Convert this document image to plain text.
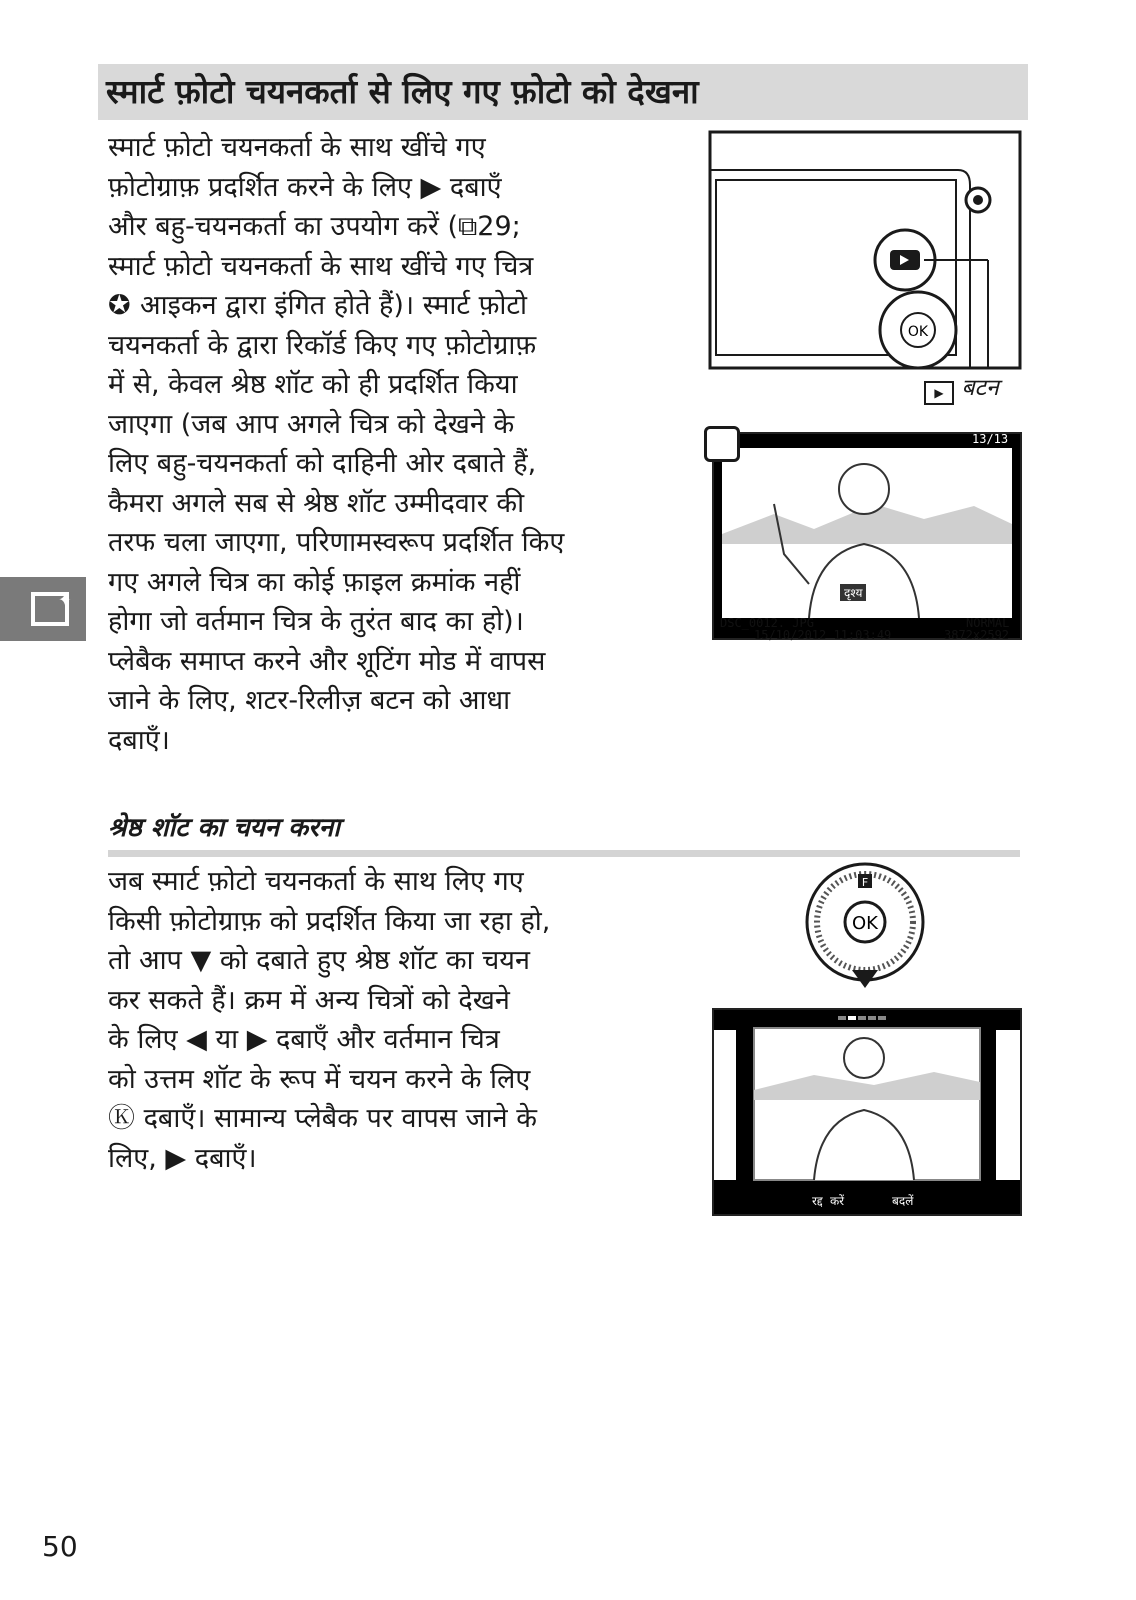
स्मार्ट फ़ोटो चयनकर्ता से लिए गए फ़ोटो को देखना
स्मार्ट फ़ोटो चयनकर्ता के साथ खींचे गए
फ़ोटोग्राफ़ प्रदर्शित करने के लिए ▶ दबाएँ
और बहु-चयनकर्ता का उपयोग करें (⧉29;
स्मार्ट फ़ोटो चयनकर्ता के साथ खींचे गए चित्र
✪ आइकन द्वारा इंगित होते हैं)। स्मार्ट फ़ोटो
चयनकर्ता के द्वारा रिकॉर्ड किए गए फ़ोटोग्राफ़
में से, केवल श्रेष्ठ शॉट को ही प्रदर्शित किया
जाएगा (जब आप अगले चित्र को देखने के
लिए बहु-चयनकर्ता को दाहिनी ओर दबाते हैं,
कैमरा अगले सब से श्रेष्ठ शॉट उम्मीदवार की
तरफ चला जाएगा, परिणामस्वरूप प्रदर्शित किए
गए अगले चित्र का कोई फ़ाइल क्रमांक नहीं
होगा जो वर्तमान चित्र के तुरंत बाद का हो)।
प्लेबैक समाप्त करने और शूटिंग मोड में वापस
जाने के लिए, शटर-रिलीज़ बटन को आधा
दबाएँ।
OK
▶ बटन
13/13
DSC_0012. JPG
15/10/2012 11:03:49
NORMAL
3872x2592
दृश्य
✦
श्रेष्ठ शॉट का चयन करना
जब स्मार्ट फ़ोटो चयनकर्ता के साथ लिए गए
किसी फ़ोटोग्राफ़ को प्रदर्शित किया जा रहा हो,
तो आप ▼ को दबाते हुए श्रेष्ठ शॉट का चयन
कर सकते हैं। क्रम में अन्य चित्रों को देखने
के लिए ◀ या ▶ दबाएँ और वर्तमान चित्र
को उत्तम शॉट के रूप में चयन करने के लिए
Ⓚ दबाएँ। सामान्य प्लेबैक पर वापस जाने के
लिए, ▶ दबाएँ।
OK
F
रद्द करें	बदलें
50
